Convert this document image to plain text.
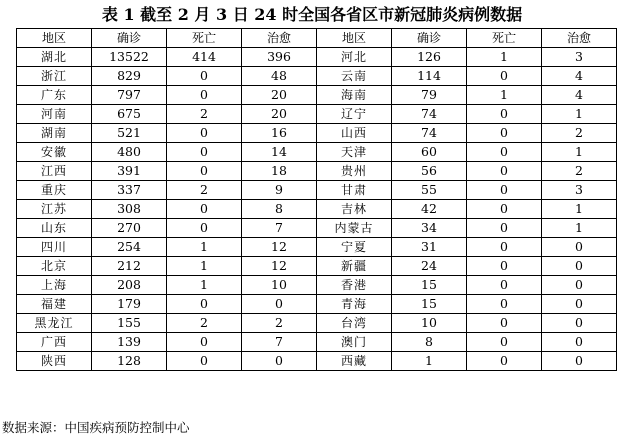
表 1 截至 2 月 3 日 24 时全国各省区市新冠肺炎病例数据
地区	确诊	死亡	治愈	地区	确诊	死亡	治愈
湖北	13522	414	396	河北	126	1	3
浙江	829	0	48	云南	114	0	4
广东	797	0	20	海南	79	1	4
河南	675	2	20	辽宁	74	0	1
湖南	521	0	16	山西	74	0	2
安徽	480	0	14	天津	60	0	1
江西	391	0	18	贵州	56	0	2
重庆	337	2	9	甘肃	55	0	3
江苏	308	0	8	吉林	42	0	1
山东	270	0	7	内蒙古	34	0	1
四川	254	1	12	宁夏	31	0	0
北京	212	1	12	新疆	24	0	0
上海	208	1	10	香港	15	0	0
福建	179	0	0	青海	15	0	0
黑龙江	155	2	2	台湾	10	0	0
广西	139	0	7	澳门	8	0	0
陕西	128	0	0	西藏	1	0	0
数据来源：中国疾病预防控制中心
